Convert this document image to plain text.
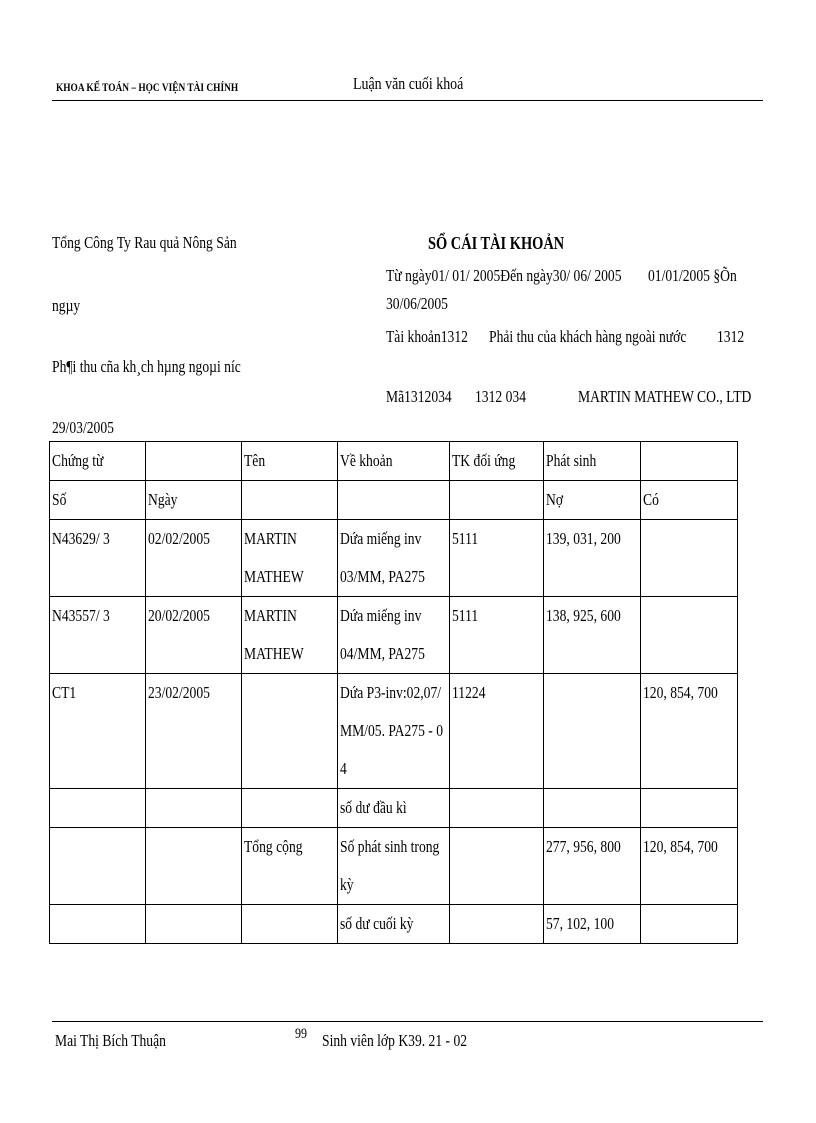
KHOA KẾ TOÁN – HỌC VIỆN TÀI CHÍNH	Luận văn cuối khoá
Tổng Công Ty Rau quả Nông Sản
ngµy
Ph¶i thu cña kh¸ch hµng ngoµi níc
29/03/2005
SỔ CÁI TÀI KHOẢN
Từ ngày01/ 01/ 2005Đến ngày30/ 06/ 2005 01/01/2005 §Õn
30/06/2005
Tài khoản1312 Phải thu của khách hàng ngoài nước 1312
Mã1312034 1312 034	MARTIN MATHEW CO., LTD
Chứng từ		Tên	Về khoản	TK đối ứng	Phát sinh	
Số	Ngày				Nợ	Có
N43629/ 3	02/02/2005	MARTIN MATHEW	Dứa miếng inv 03/MM, PA275	5111	139, 031, 200	
N43557/ 3	20/02/2005	MARTIN MATHEW	Dứa miếng inv 04/MM, PA275	5111	138, 925, 600	
CT1	23/02/2005		Dứa P3-inv:02,07/MM/05. PA275 - 04	11224		120, 854, 700
			số dư đầu kì			
		Tổng cộng	Số phát sinh trong kỳ		277, 956, 800	120, 854, 700
			số dư cuối kỳ		57, 102, 100	
Mai Thị Bích Thuận	99 Sinh viên lớp K39. 21 - 02
